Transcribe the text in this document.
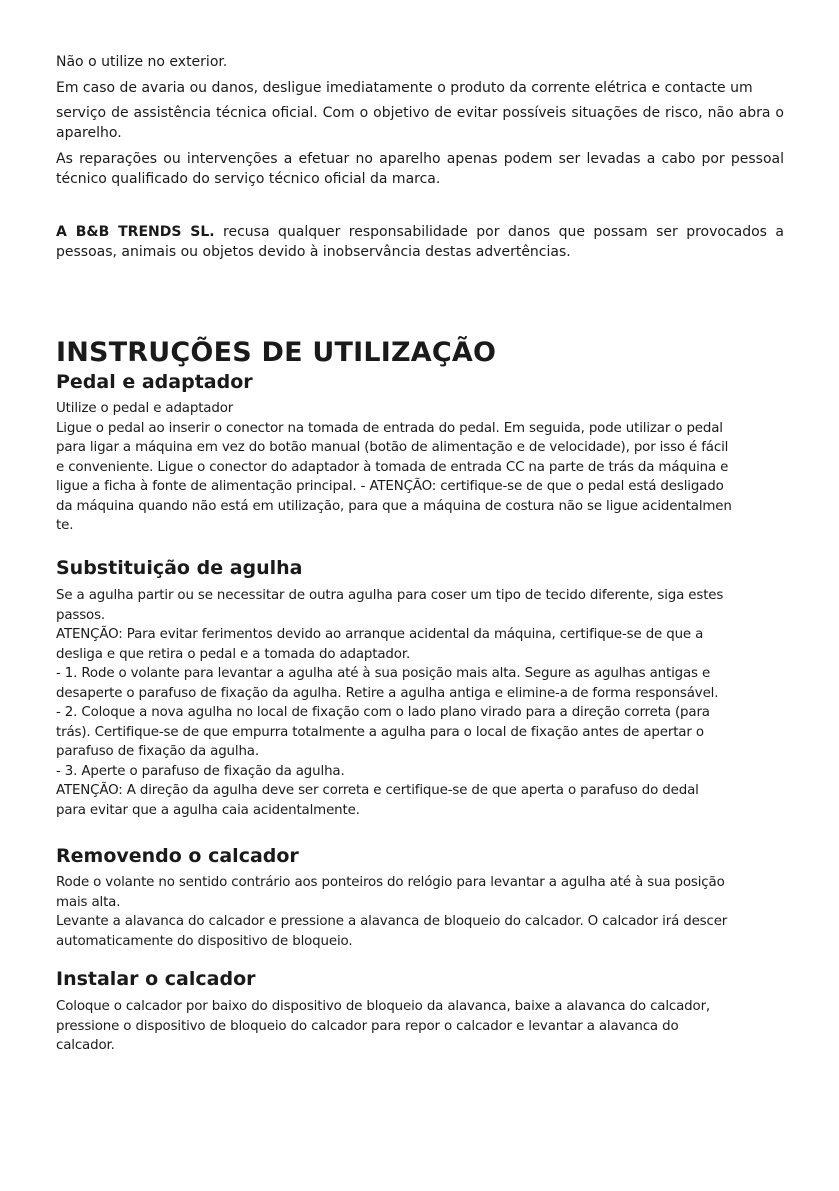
Não o utilize no exterior.

Em caso de avaria ou danos, desligue imediatamente o produto da corrente elétrica e contacte um

serviço de assistência técnica oficial. Com o objetivo de evitar possíveis situações de risco, não abra o aparelho.

As reparações ou intervenções a efetuar no aparelho apenas podem ser levadas a cabo por pessoal técnico qualificado do serviço técnico oficial da marca.

A B&B TRENDS SL. recusa qualquer responsabilidade por danos que possam ser provocados a pessoas, animais ou objetos devido à inobservância destas advertências.

INSTRUÇÕES DE UTILIZAÇÃO
Pedal e adaptador

Utilize o pedal e adaptador

Ligue o pedal ao inserir o conector na tomada de entrada do pedal. Em seguida, pode utilizar o pedal

para ligar a máquina em vez do botão manual (botão de alimentação e de velocidade), por isso é fácil

e conveniente. Ligue o conector do adaptador à tomada de entrada CC na parte de trás da máquina e

ligue a ficha à fonte de alimentação principal. - ATENÇÃO: certifique-se de que o pedal está desligado

da máquina quando não está em utilização, para que a máquina de costura não se ligue acidentalmen

te.

Substituição de agulha

Se a agulha partir ou se necessitar de outra agulha para coser um tipo de tecido diferente, siga estes

passos.

ATENÇÃO: Para evitar ferimentos devido ao arranque acidental da máquina, certifique-se de que a

desliga e que retira o pedal e a tomada do adaptador.

- 1. Rode o volante para levantar a agulha até à sua posição mais alta. Segure as agulhas antigas e

desaperte o parafuso de fixação da agulha. Retire a agulha antiga e elimine-a de forma responsável.

- 2. Coloque a nova agulha no local de fixação com o lado plano virado para a direção correta (para

trás). Certifique-se de que empurra totalmente a agulha para o local de fixação antes de apertar o

parafuso de fixação da agulha.

- 3. Aperte o parafuso de fixação da agulha.

ATENÇÃO: A direção da agulha deve ser correta e certifique-se de que aperta o parafuso do dedal

para evitar que a agulha caia acidentalmente.

Removendo o calcador

Rode o volante no sentido contrário aos ponteiros do relógio para levantar a agulha até à sua posição

mais alta.

Levante a alavanca do calcador e pressione a alavanca de bloqueio do calcador. O calcador irá descer

automaticamente do dispositivo de bloqueio.

Instalar o calcador

Coloque o calcador por baixo do dispositivo de bloqueio da alavanca, baixe a alavanca do calcador,

pressione o dispositivo de bloqueio do calcador para repor o calcador e levantar a alavanca do

calcador.
